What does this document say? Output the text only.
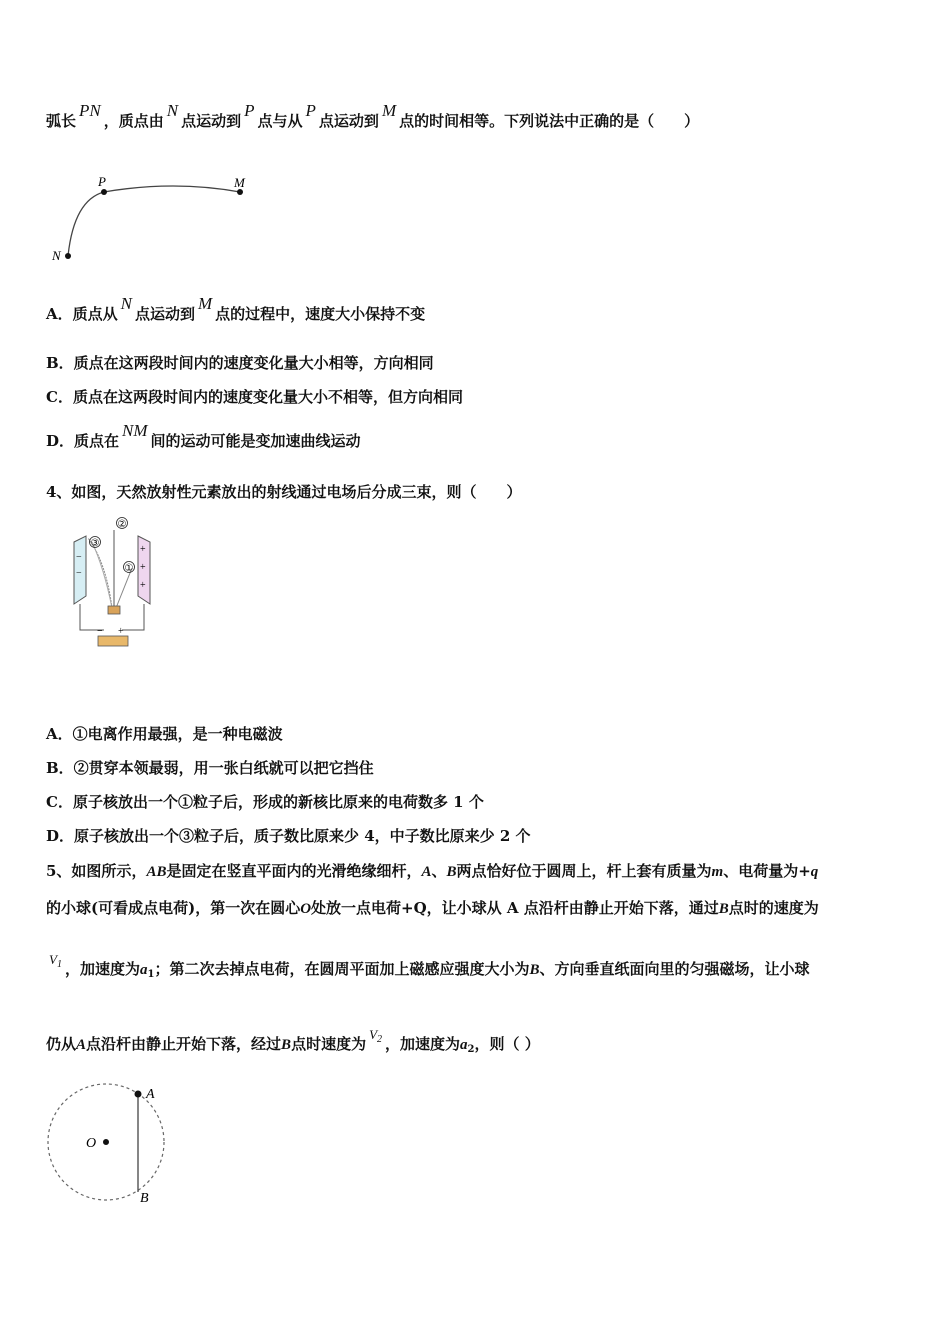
弧长PN，质点由N点运动到P点与从P点运动到M点的时间相等。下列说法中正确的是（　　）
P	M
N
A．质点从N点运动到M点的过程中，速度大小保持不变
B．质点在这两段时间内的速度变化量大小相等，方向相同
C．质点在这两段时间内的速度变化量大小不相等，但方向相同
D．质点在NM间的运动可能是变加速曲线运动
4、如图，天然放射性元素放出的射线通过电场后分成三束，则（　　）
−
−
+
+
+
②
③
①
− +
A．①电离作用最强，是一种电磁波
B．②贯穿本领最弱，用一张白纸就可以把它挡住
C．原子核放出一个①粒子后，形成的新核比原来的电荷数多 1 个
D．原子核放出一个③粒子后，质子数比原来少 4，中子数比原来少 2 个
5、如图所示，AB是固定在竖直平面内的光滑绝缘细杆，A、B两点恰好位于圆周上，杆上套有质量为m、电荷量为+q
的小球(可看成点电荷)，第一次在圆心O处放一点电荷+Q，让小球从 A 点沿杆由静止开始下落，通过B点时的速度为
$V_1$ ，加速度为$a_1$；第二次去掉点电荷，在圆周平面加上磁感应强度大小为B、方向垂直纸面向里的匀强磁场，让小球
仍从A点沿杆由静止开始下落，经过B点时速度为$V_2$ ，加速度为$a_2$，则（ ）
A
B
O
